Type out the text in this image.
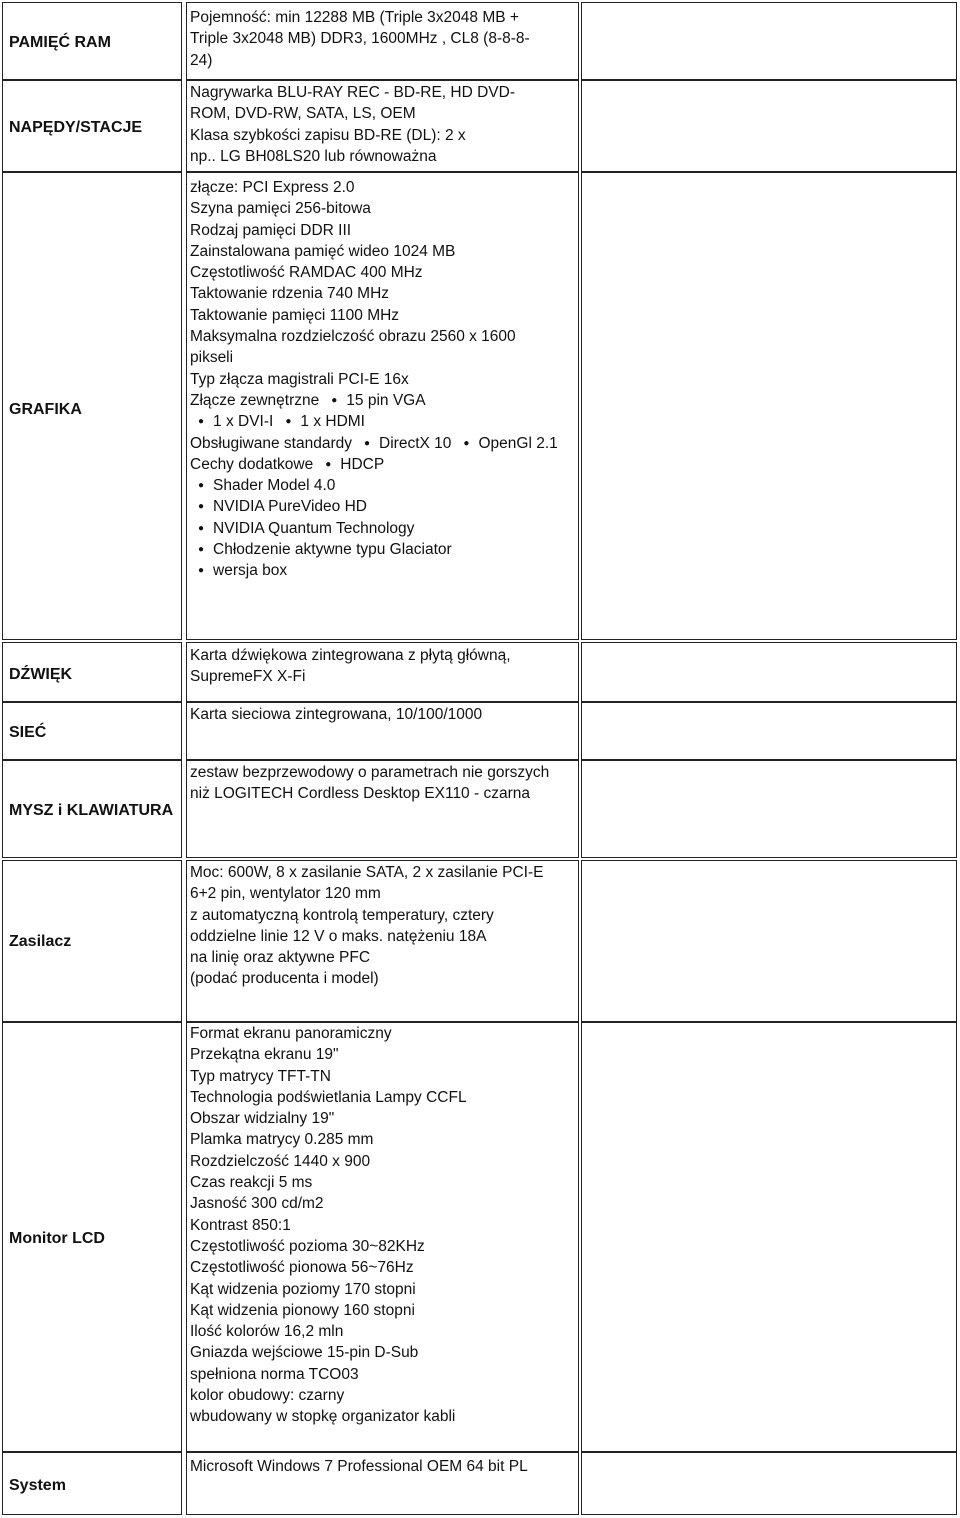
PAMIĘĆ RAM
Pojemność: min 12288 MB (Triple 3x2048 MB +
Triple 3x2048 MB) DDR3, 1600MHz , CL8 (8-8-8-
24)
NAPĘDY/STACJE
Nagrywarka BLU-RAY REC - BD-RE, HD DVD-
ROM, DVD-RW, SATA, LS, OEM
Klasa szybkości zapisu BD-RE (DL): 2 x
np.. LG BH08LS20 lub równoważna
GRAFIKA
złącze: PCI Express 2.0
Szyna pamięci 256-bitowa
Rodzaj pamięci DDR III
Zainstalowana pamięć wideo 1024 MB
Częstotliwość RAMDAC 400 MHz
Taktowanie rdzenia 740 MHz
Taktowanie pamięci 1100 MHz
Maksymalna rozdzielczość obrazu 2560 x 1600
pikseli
Typ złącza magistrali PCI-E 16x
Złącze zewnętrzne ● 15 pin VGA
● 1 x DVI-I ● 1 x HDMI
Obsługiwane standardy ● DirectX 10 ● OpenGl 2.1
Cechy dodatkowe ● HDCP
● Shader Model 4.0
● NVIDIA PureVideo HD
● NVIDIA Quantum Technology
● Chłodzenie aktywne typu Glaciator
● wersja box
DŹWIĘK
Karta dźwiękowa zintegrowana z płytą główną,
SupremeFX X-Fi
SIEĆ
Karta sieciowa zintegrowana, 10/100/1000
MYSZ i KLAWIATURA
zestaw bezprzewodowy o parametrach nie gorszych
niż LOGITECH Cordless Desktop EX110 - czarna
Zasilacz
Moc: 600W, 8 x zasilanie SATA, 2 x zasilanie PCI-E
6+2 pin, wentylator 120 mm
z automatyczną kontrolą temperatury, cztery
oddzielne linie 12 V o maks. natężeniu 18A
na linię oraz aktywne PFC
(podać producenta i model)
Monitor LCD
Format ekranu panoramiczny
Przekątna ekranu 19"
Typ matrycy TFT-TN
Technologia podświetlania Lampy CCFL
Obszar widzialny 19"
Plamka matrycy 0.285 mm
Rozdzielczość 1440 x 900
Czas reakcji 5 ms
Jasność 300 cd/m2
Kontrast 850:1
Częstotliwość pozioma 30~82KHz
Częstotliwość pionowa 56~76Hz
Kąt widzenia poziomy 170 stopni
Kąt widzenia pionowy 160 stopni
Ilość kolorów 16,2 mln
Gniazda wejściowe 15-pin D-Sub
spełniona norma TCO03
kolor obudowy: czarny
wbudowany w stopkę organizator kabli
System
Microsoft Windows 7 Professional OEM 64 bit PL
